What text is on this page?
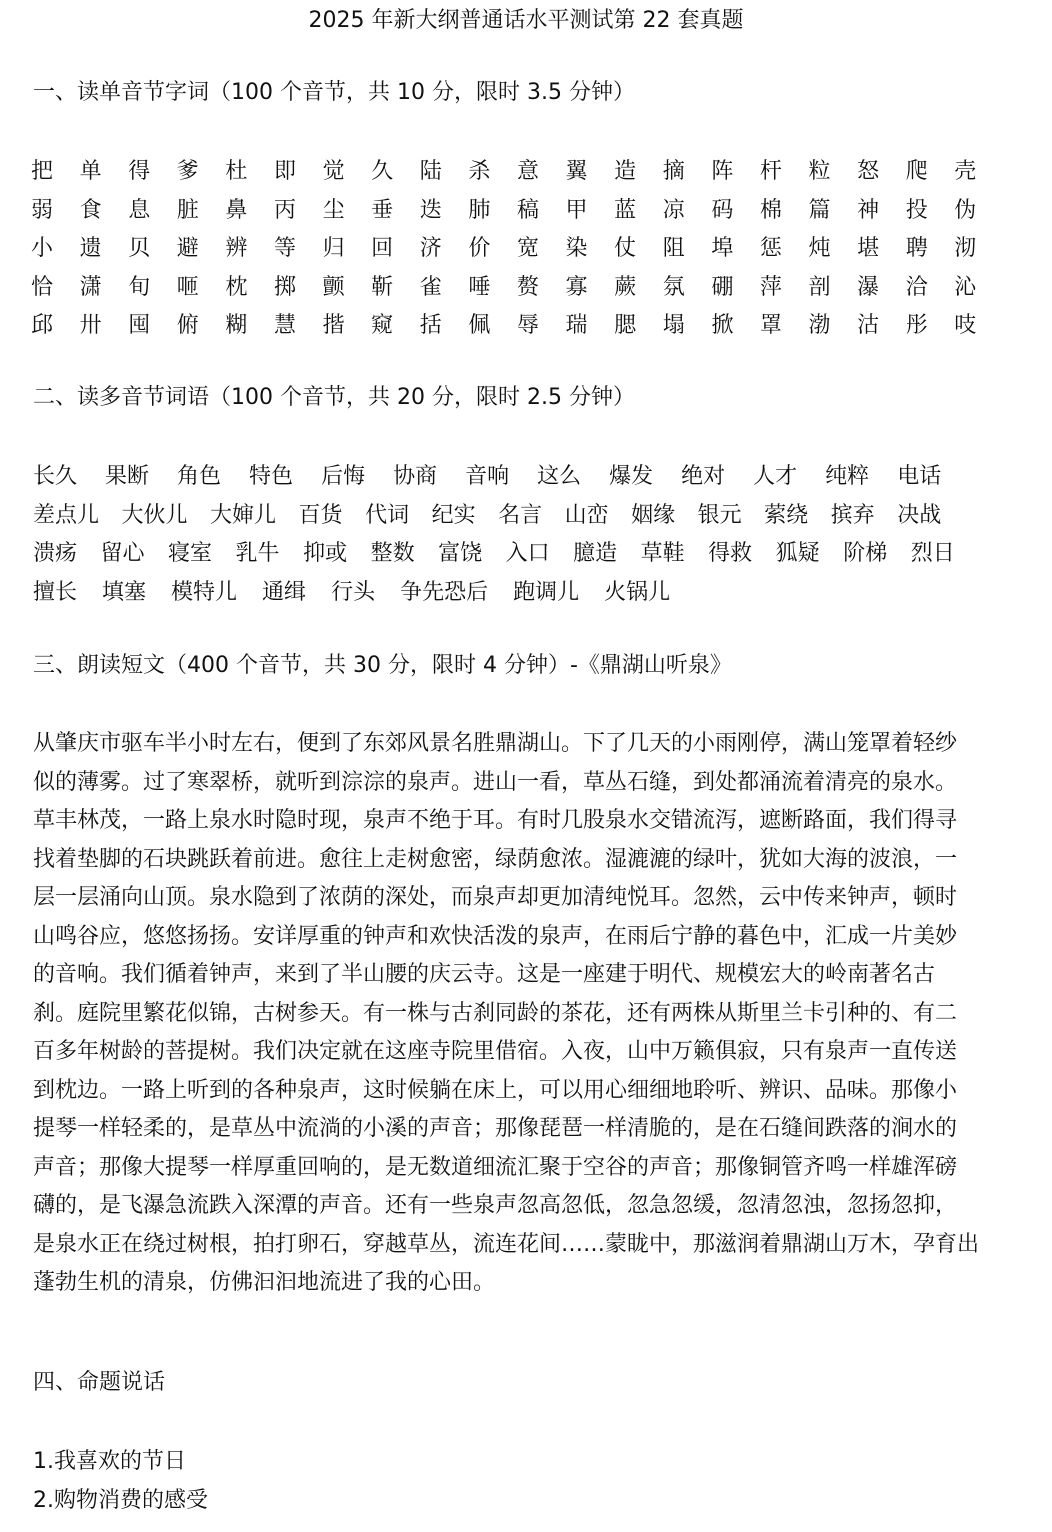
2025 年新大纲普通话水平测试第 22 套真题
一、读单音节字词（100 个音节，共 10 分，限时 3.5 分钟）
把	单	得	爹	杜	即	觉	久	陆	杀	意	翼	造	摘	阵	杆	粒	怒	爬	壳
弱	食	息	脏	鼻	丙	尘	垂	迭	肺	稿	甲	蓝	凉	码	棉	篇	神	投	伪
小	遗	贝	避	辨	等	归	回	济	价	宽	染	仗	阻	埠	惩	炖	堪	聘	沏
恰	潇	旬	咂	枕	掷	颤	靳	雀	唾	赘	寡	蕨	氛	硼	萍	剖	瀑	洽	沁
邱	卅	囤	俯	糊	慧	揩	窥	括	佩	辱	瑞	腮	塌	掀	罩	渤	沽	彤	吱
二、读多音节词语（100 个音节，共 20 分，限时 2.5 分钟）
长久 果断 角色 特色 后悔 协商 音响 这么 爆发 绝对 人才 纯粹 电话
差点儿 大伙儿 大婶儿 百货 代词 纪实 名言 山峦 姻缘 银元 萦绕 摈弃 决战
溃疡 留心 寝室 乳牛 抑或 整数 富饶 入口 臆造 草鞋 得救 狐疑 阶梯 烈日
擅长 填塞 模特儿 通缉 行头 争先恐后 跑调儿 火锅儿
三、朗读短文（400 个音节，共 30 分，限时 4 分钟）-《鼎湖山听泉》
从肇庆市驱车半小时左右，便到了东郊风景名胜鼎湖山。下了几天的小雨刚停，满山笼罩着轻纱
似的薄雾。过了寒翠桥，就听到淙淙的泉声。进山一看，草丛石缝，到处都涌流着清亮的泉水。
草丰林茂，一路上泉水时隐时现，泉声不绝于耳。有时几股泉水交错流泻，遮断路面，我们得寻
找着垫脚的石块跳跃着前进。愈往上走树愈密，绿荫愈浓。湿漉漉的绿叶，犹如大海的波浪，一
层一层涌向山顶。泉水隐到了浓荫的深处，而泉声却更加清纯悦耳。忽然，云中传来钟声，顿时
山鸣谷应，悠悠扬扬。安详厚重的钟声和欢快活泼的泉声，在雨后宁静的暮色中，汇成一片美妙
的音响。我们循着钟声，来到了半山腰的庆云寺。这是一座建于明代、规模宏大的岭南著名古
刹。庭院里繁花似锦，古树参天。有一株与古刹同龄的茶花，还有两株从斯里兰卡引种的、有二
百多年树龄的菩提树。我们决定就在这座寺院里借宿。入夜，山中万籁俱寂，只有泉声一直传送
到枕边。一路上听到的各种泉声，这时候躺在床上，可以用心细细地聆听、辨识、品味。那像小
提琴一样轻柔的，是草丛中流淌的小溪的声音；那像琵琶一样清脆的，是在石缝间跌落的涧水的
声音；那像大提琴一样厚重回响的，是无数道细流汇聚于空谷的声音；那像铜管齐鸣一样雄浑磅
礴的，是飞瀑急流跌入深潭的声音。还有一些泉声忽高忽低，忽急忽缓，忽清忽浊，忽扬忽抑，
是泉水正在绕过树根，拍打卵石，穿越草丛，流连花间……蒙眬中，那滋润着鼎湖山万木，孕育出
蓬勃生机的清泉，仿佛汩汩地流进了我的心田。
四、命题说话
1.我喜欢的节日
2.购物消费的感受
